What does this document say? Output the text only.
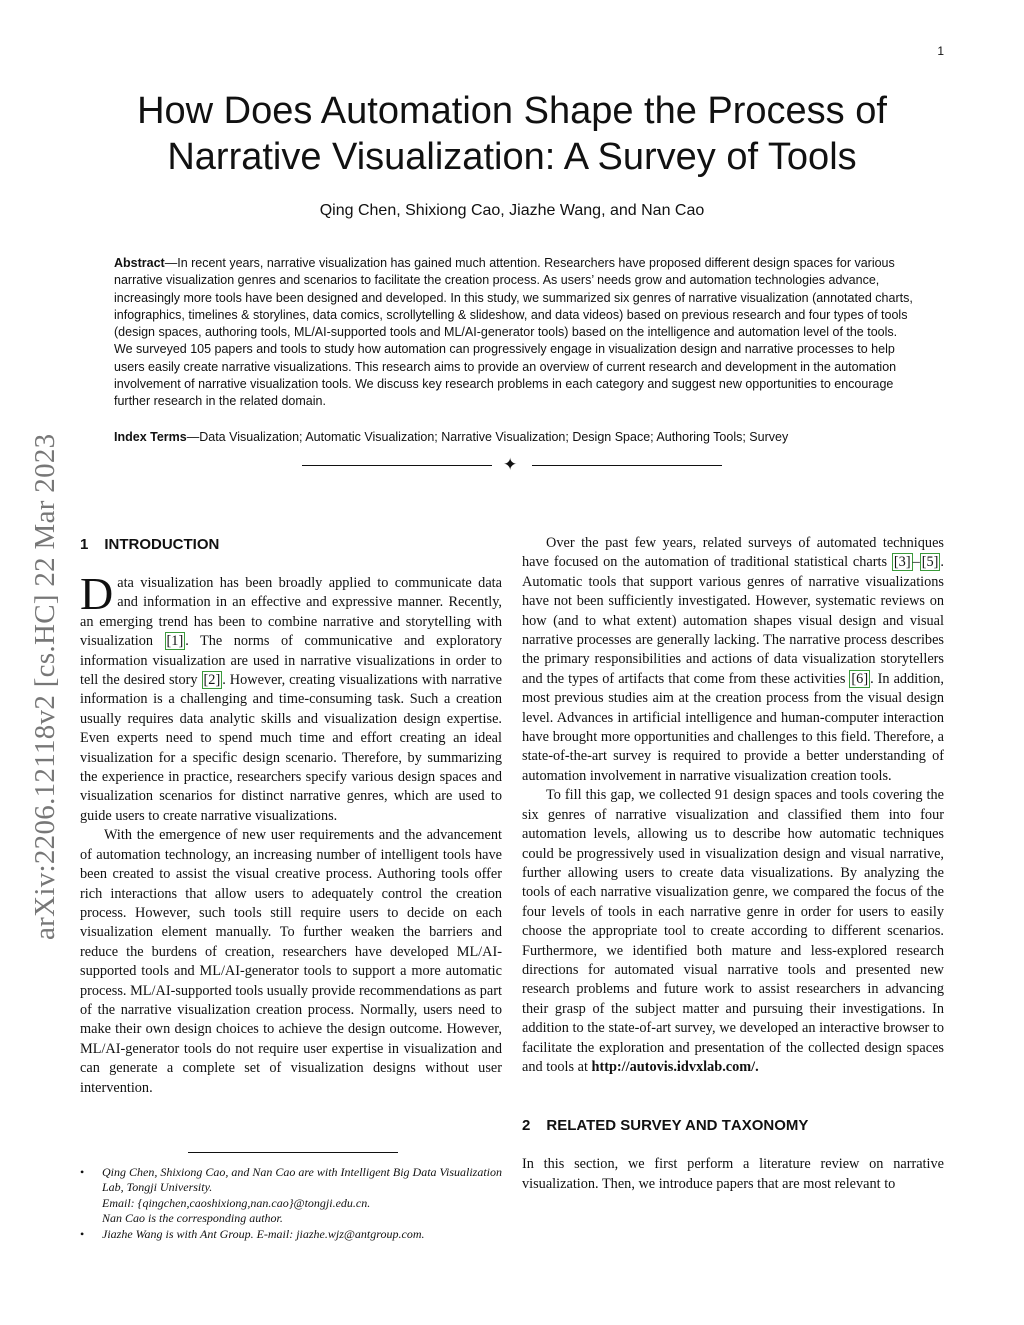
1
How Does Automation Shape the Process of
Narrative Visualization: A Survey of Tools
Qing Chen, Shixiong Cao, Jiazhe Wang, and Nan Cao
Abstract—In recent years, narrative visualization has gained much attention. Researchers have proposed different design spaces for various narrative visualization genres and scenarios to facilitate the creation process. As users’ needs grow and automation technologies advance, increasingly more tools have been designed and developed. In this study, we summarized six genres of narrative visualization (annotated charts, infographics, timelines & storylines, data comics, scrollytelling & slideshow, and data videos) based on previous research and four types of tools (design spaces, authoring tools, ML/AI-supported tools and ML/AI-generator tools) based on the intelligence and automation level of the tools. We surveyed 105 papers and tools to study how automation can progressively engage in visualization design and narrative processes to help users easily create narrative visualizations. This research aims to provide an overview of current research and development in the automation involvement of narrative visualization tools. We discuss key research problems in each category and suggest new opportunities to encourage further research in the related domain.
Index Terms—Data Visualization; Automatic Visualization; Narrative Visualization; Design Space; Authoring Tools; Survey
✦
arXiv:2206.12118v2 [cs.HC] 22 Mar 2023 1 INTRODUCTION

Data visualization has been broadly applied to communicate data and information in an effective and expressive manner. Recently, an emerging trend has been to combine narrative and storytelling with visualization [1] . The norms of communicative and exploratory information visualization are used in narrative visualizations in order to tell the desired story [2] . However, creating visualizations with narrative information is a challenging and time-consuming task. Such a creation usually requires data analytic skills and visualization design expertise. Even experts need to spend much time and effort creating an ideal visualization for a specific design scenario. Therefore, by summarizing the experience in practice, researchers specify various design spaces and visualization scenarios for distinct narrative genres, which are used to guide users to create narrative visualizations.

With the emergence of new user requirements and the advancement of automation technology, an increasing number of intelligent tools have been created to assist the visual creative process. Authoring tools offer rich interactions that allow users to adequately control the creation process. However, such tools still require users to decide on each visualization element manually. To further weaken the barriers and reduce the burdens of creation, researchers have developed ML/AI-supported tools and ML/AI-generator tools to support a more automatic process. ML/AI-supported tools usually provide recommendations as part of the narrative visualization creation process. Normally, users need to make their own design choices to achieve the design outcome. However, ML/AI-generator tools do not require user expertise in visualization and can generate a complete set of visualization designs without user intervention.

Over the past few years, related surveys of automated techniques have focused on the automation of traditional statistical charts [3] – [5] . Automatic tools that support various genres of narrative visualizations have not been sufficiently investigated. However, systematic reviews on how (and to what extent) automation shapes visual design and visual narrative processes are generally lacking. The narrative process describes the primary responsibilities and actions of data visualization storytellers and the types of artifacts that come from these activities [6] . In addition, most previous studies aim at the creation process from the visual design level. Advances in artificial intelligence and human-computer interaction have brought more opportunities and challenges to this field. Therefore, a state-of-the-art survey is required to provide a better understanding of automation involvement in narrative visualization creation tools.

To fill this gap, we collected 91 design spaces and tools covering the six genres of narrative visualization and classified them into four automation levels, allowing us to describe how automatic techniques could be progressively used in visualization design and visual narrative, further allowing users to create data visualizations. By analyzing the tools of each narrative visualization genre, we compared the focus of the four levels of tools in each narrative genre in order for users to easily choose the appropriate tool to create according to different scenarios. Furthermore, we identified both mature and less-explored research directions for automated visual narrative tools and presented new research problems and future work to assist researchers in advancing their grasp of the subject matter and pursuing their investigations. In addition to the state-of-art survey, we developed an interactive browser to facilitate the exploration and presentation of the collected design spaces and tools at http://autovis.idvxlab.com/.

2 RELATED SURVEY AND TAXONOMY

In this section, we first perform a literature review on narrative visualization. Then, we introduce papers that are most relevant to

• Qing Chen, Shixiong Cao, and Nan Cao are with Intelligent Big Data Visualization Lab, Tongji University.
Email: {qingchen,caoshixiong,nan.cao}@tongji.edu.cn.
Nan Cao is the corresponding author.
• Jiazhe Wang is with Ant Group. E-mail: jiazhe.wjz@antgroup.com.
